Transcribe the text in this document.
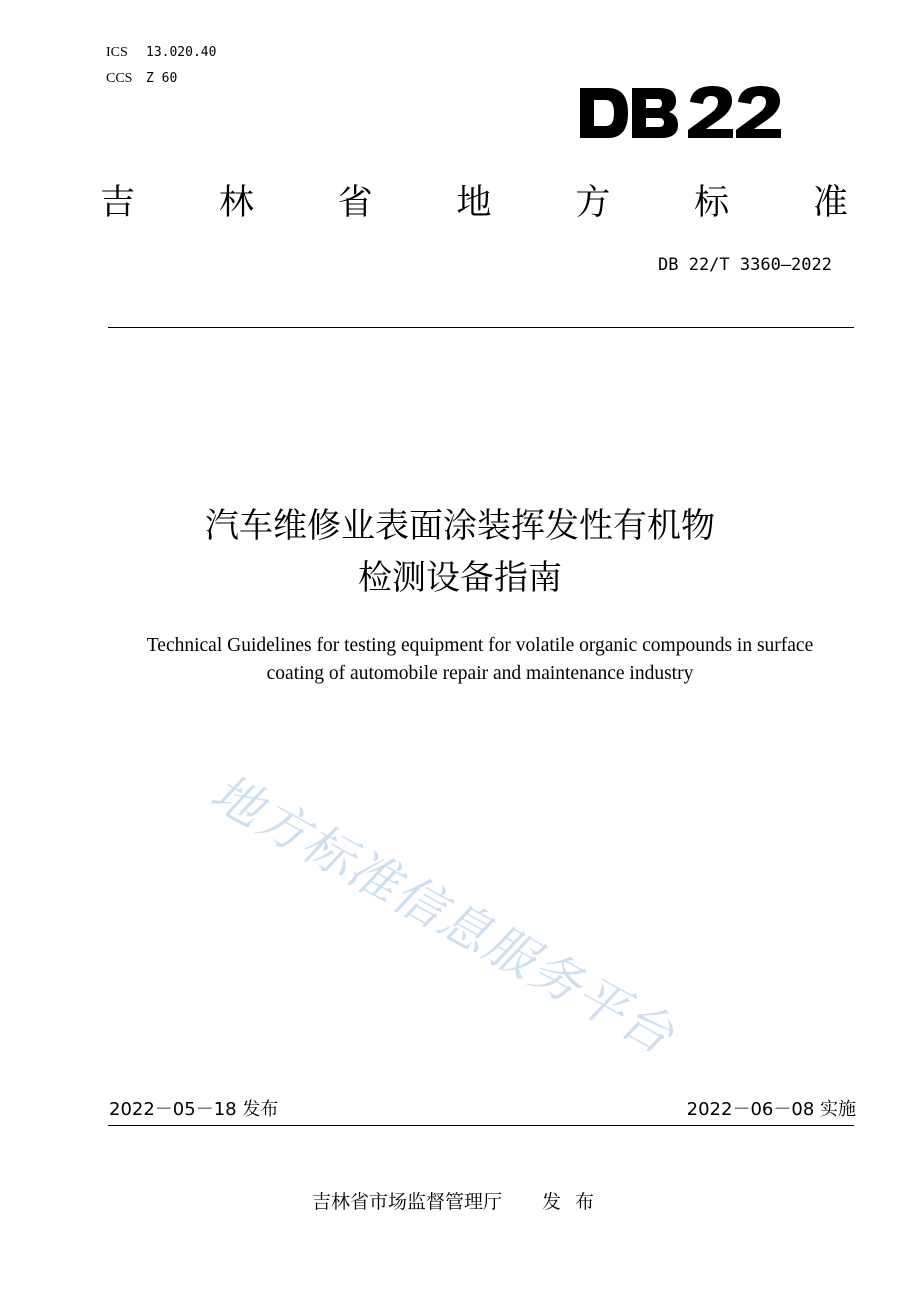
ICS 13.020.40
CCS Z 60
吉 林 省 地 方 标 准
DB 22/T 3360—2022
汽车维修业表面涂装挥发性有机物
检测设备指南
Technical Guidelines for testing equipment for volatile organic compounds in surface
coating of automobile repair and maintenance industry
地方标准信息服务平台
2022－05－18 发布	2022－06－08 实施
吉林省市场监督管理厅 发布
